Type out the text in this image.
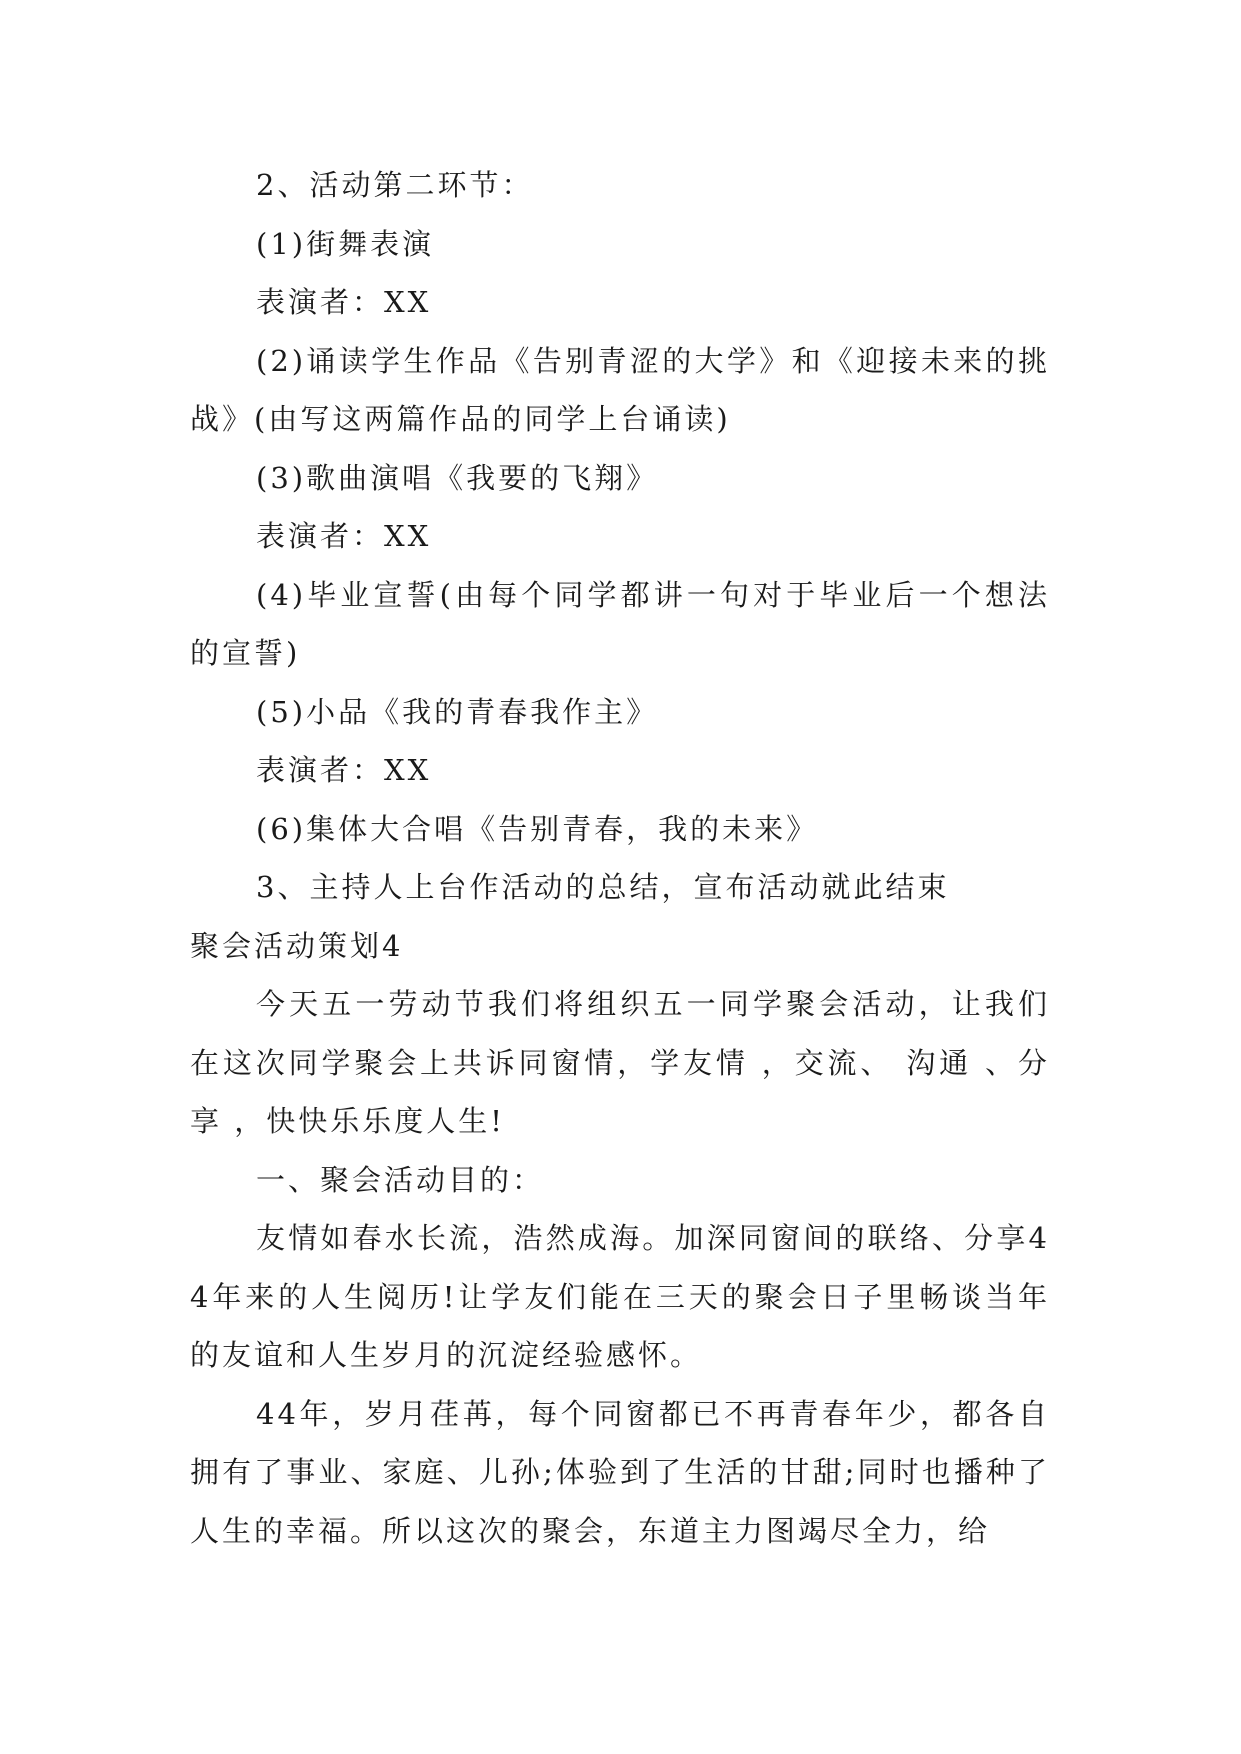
2、活动第二环节：

(1)街舞表演

表演者：XX

(2)诵读学生作品《告别青涩的大学》和《迎接未来的挑战》(由写这两篇作品的同学上台诵读)

(3)歌曲演唱《我要的飞翔》

表演者：XX

(4)毕业宣誓(由每个同学都讲一句对于毕业后一个想法的宣誓)

(5)小品《我的青春我作主》

表演者：XX

(6)集体大合唱《告别青春，我的未来》

3、主持人上台作活动的总结，宣布活动就此结束

聚会活动策划4

今天五一劳动节我们将组织五一同学聚会活动，让我们在这次同学聚会上共诉同窗情，学友情 ，交流、 沟通 、分享 ，快快乐乐度人生!

一、聚会活动目的：

友情如春水长流，浩然成海。加深同窗间的联络、分享44年来的人生阅历!让学友们能在三天的聚会日子里畅谈当年的友谊和人生岁月的沉淀经验感怀。

44年，岁月荏苒，每个同窗都已不再青春年少，都各自拥有了事业、家庭、儿孙;体验到了生活的甘甜;同时也播种了人生的幸福。所以这次的聚会，东道主力图竭尽全力，给
